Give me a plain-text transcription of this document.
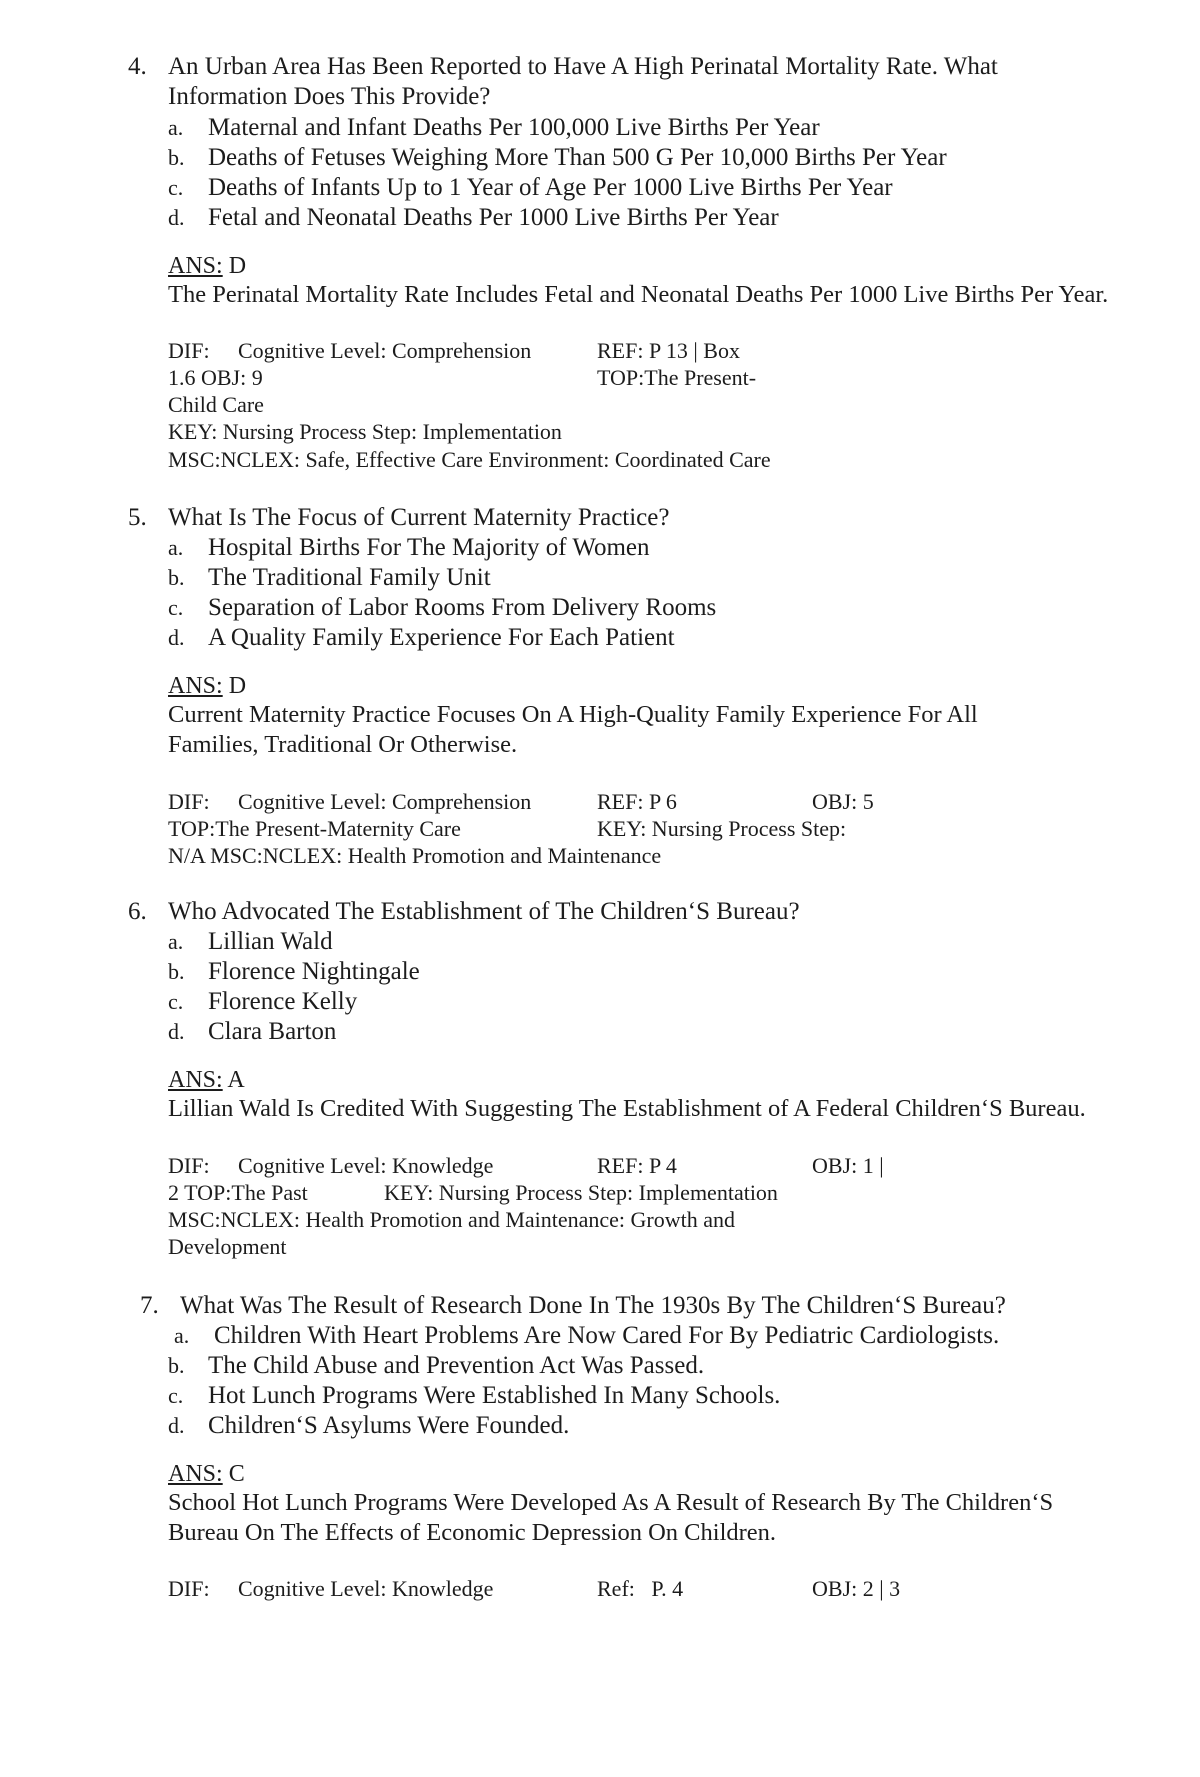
4. An Urban Area Has Been Reported to Have A High Perinatal Mortality Rate. What
Information Does This Provide?
a. Maternal and Infant Deaths Per 100,000 Live Births Per Year
b. Deaths of Fetuses Weighing More Than 500 G Per 10,000 Births Per Year
c. Deaths of Infants Up to 1 Year of Age Per 1000 Live Births Per Year
d. Fetal and Neonatal Deaths Per 1000 Live Births Per Year
ANS: D
The Perinatal Mortality Rate Includes Fetal and Neonatal Deaths Per 1000 Live Births Per Year.
DIF: Cognitive Level: Comprehension	REF: P 13 | Box
1.6 OBJ: 9	TOP:The Present-
Child Care
KEY: Nursing Process Step: Implementation
MSC:NCLEX: Safe, Effective Care Environment: Coordinated Care
5. What Is The Focus of Current Maternity Practice?
a. Hospital Births For The Majority of Women
b. The Traditional Family Unit
c. Separation of Labor Rooms From Delivery Rooms
d. A Quality Family Experience For Each Patient
ANS: D
Current Maternity Practice Focuses On A High-Quality Family Experience For All
Families, Traditional Or Otherwise.
DIF: Cognitive Level: Comprehension	REF: P 6	OBJ: 5
TOP:The Present-Maternity Care	KEY: Nursing Process Step:
N/A MSC:NCLEX: Health Promotion and Maintenance
6. Who Advocated The Establishment of The Children‘S Bureau?
a. Lillian Wald
b. Florence Nightingale
c. Florence Kelly
d. Clara Barton
ANS: A
Lillian Wald Is Credited With Suggesting The Establishment of A Federal Children‘S Bureau.
DIF: Cognitive Level: Knowledge	REF: P 4	OBJ: 1 |
2 TOP:The Past	KEY: Nursing Process Step: Implementation
MSC:NCLEX: Health Promotion and Maintenance: Growth and
Development
7. What Was The Result of Research Done In The 1930s By The Children‘S Bureau?
a. Children With Heart Problems Are Now Cared For By Pediatric Cardiologists.
b. The Child Abuse and Prevention Act Was Passed.
c. Hot Lunch Programs Were Established In Many Schools.
d. Children‘S Asylums Were Founded.
ANS: C
School Hot Lunch Programs Were Developed As A Result of Research By The Children‘S
Bureau On The Effects of Economic Depression On Children.
DIF: Cognitive Level: Knowledge	Ref:   P. 4	OBJ: 2 | 3
